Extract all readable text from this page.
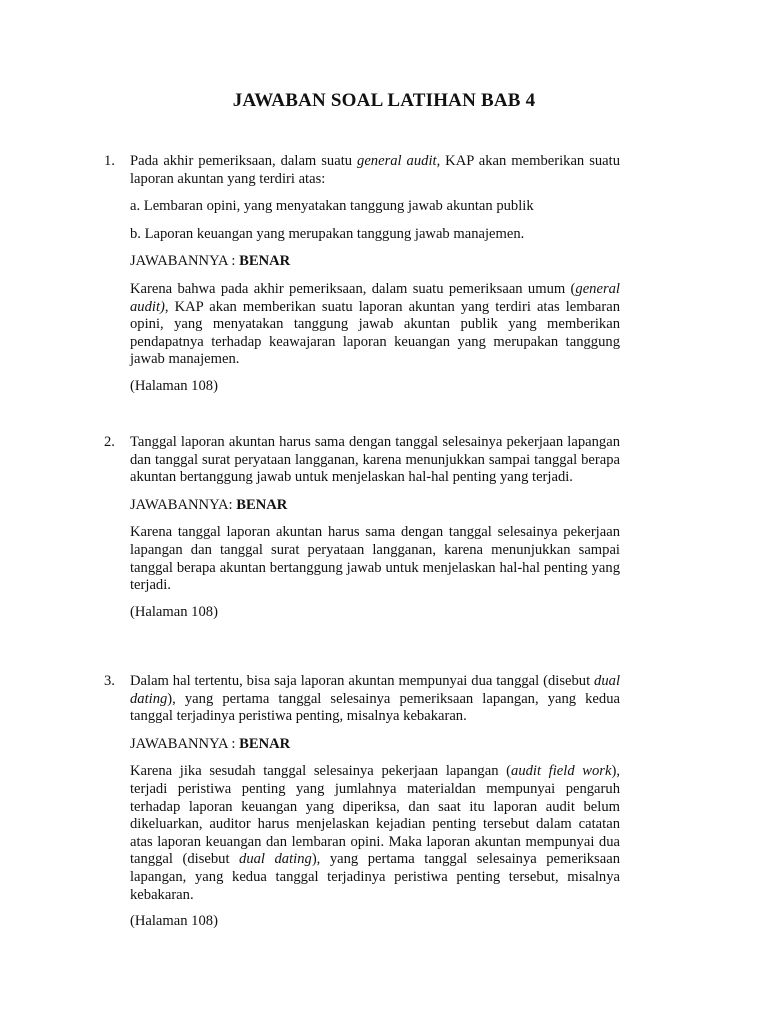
JAWABAN SOAL LATIHAN BAB 4
1.	Pada akhir pemeriksaan, dalam suatu general audit, KAP akan memberikan suatu laporan akuntan yang terdiri atas:

a. Lembaran opini, yang menyatakan tanggung jawab akuntan publik

b. Laporan keuangan yang merupakan tanggung jawab manajemen.

JAWABANNYA : BENAR

Karena bahwa pada akhir pemeriksaan, dalam suatu pemeriksaan umum (general audit), KAP akan memberikan suatu laporan akuntan yang terdiri atas lembaran opini, yang menyatakan tanggung jawab akuntan publik yang memberikan pendapatnya terhadap keawajaran laporan keuangan yang merupakan tanggung jawab manajemen.

(Halaman 108)

2.	Tanggal laporan akuntan harus sama dengan tanggal selesainya pekerjaan lapangan dan tanggal surat peryataan langganan, karena menunjukkan sampai tanggal berapa akuntan bertanggung jawab untuk menjelaskan hal-hal penting yang terjadi.

JAWABANNYA: BENAR

Karena tanggal laporan akuntan harus sama dengan tanggal selesainya pekerjaan lapangan dan tanggal surat peryataan langganan, karena menunjukkan sampai tanggal berapa akuntan bertanggung jawab untuk menjelaskan hal-hal penting yang terjadi.

(Halaman 108)

3.	Dalam hal tertentu, bisa saja laporan akuntan mempunyai dua tanggal (disebut dual dating), yang pertama tanggal selesainya pemeriksaan lapangan, yang kedua tanggal terjadinya peristiwa penting, misalnya kebakaran.

JAWABANNYA : BENAR

Karena jika sesudah tanggal selesainya pekerjaan lapangan (audit field work), terjadi peristiwa penting yang jumlahnya materialdan mempunyai pengaruh terhadap laporan keuangan yang diperiksa, dan saat itu laporan audit belum dikeluarkan, auditor harus menjelaskan kejadian penting tersebut dalam catatan atas laporan keuangan dan lembaran opini. Maka laporan akuntan mempunyai dua tanggal (disebut dual dating), yang pertama tanggal selesainya pemeriksaan lapangan, yang kedua tanggal terjadinya peristiwa penting tersebut, misalnya kebakaran.

(Halaman 108)
